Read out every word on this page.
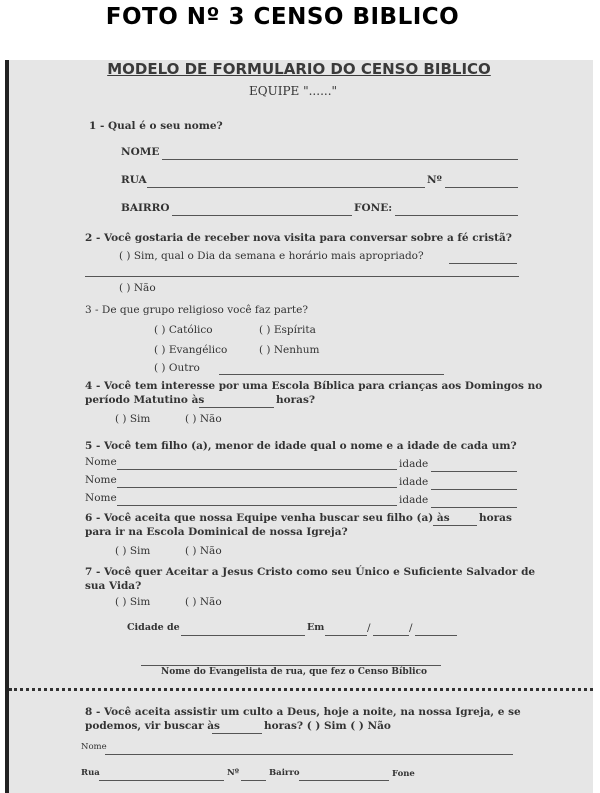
FOTO Nº 3 CENSO BIBLICO
MODELO DE FORMULARIO DO CENSO BIBLICO
EQUIPE "......"
1 - Qual é o seu nome?
NOME
RUA	Nº
BAIRRO	FONE:
2 - Você gostaria de receber nova visita para conversar sobre a fé cristã?
( ) Sim, qual o Dia da semana e horário mais apropriado?
( ) Não
3 - De que grupo religioso você faz parte?
( ) Católico	( ) Espírita
( ) Evangélico	( ) Nenhum
( ) Outro
4 - Você tem interesse por uma Escola Bíblica para crianças aos Domingos no
período Matutino às	horas?
( ) Sim	( ) Não
5 - Você tem filho (a), menor de idade qual o nome e a idade de cada um?
Nome	idade
Nome	idade
Nome	idade
6 - Você aceita que nossa Equipe venha buscar seu filho (a) às	horas
para ir na Escola Dominical de nossa Igreja?
( ) Sim	( ) Não
7 - Você quer Aceitar a Jesus Cristo como seu Único e Suficiente Salvador de
sua Vida?
( ) Sim	( ) Não
Cidade de	Em	/	/
Nome do Evangelista de rua, que fez o Censo Bíblico
8 - Você aceita assistir um culto a Deus, hoje a noite, na nossa Igreja, e se
podemos, vir buscar às	horas? ( ) Sim ( ) Não
Nome
Rua	Nº	Bairro	Fone
